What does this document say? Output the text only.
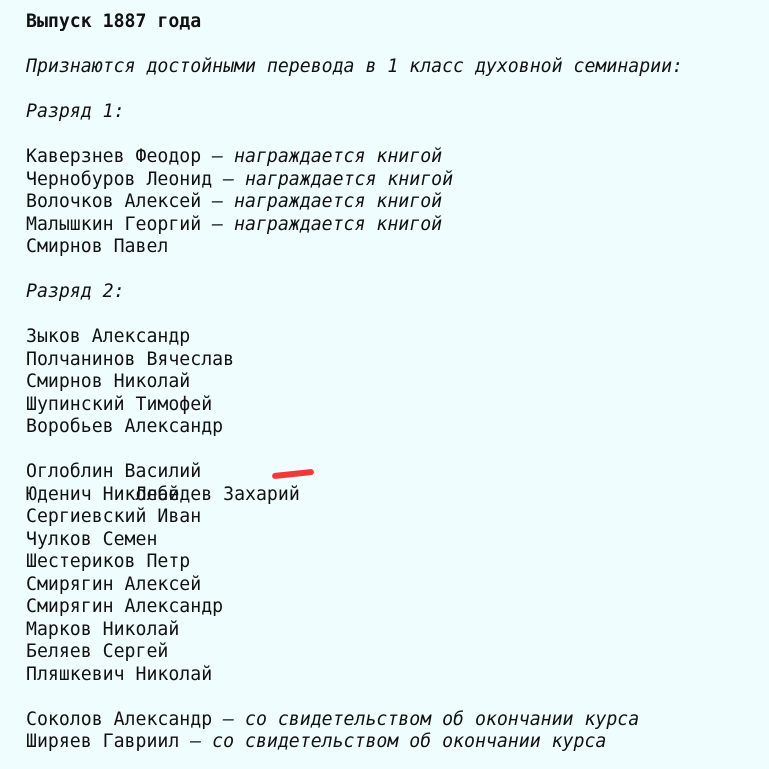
Выпуск 1887 года
Признаются достойными перевода в 1 класс духовной семинарии:
Разряд 1:
Каверзнев Феодор – награждается книгой
Чернобуров Леонид – награждается книгой
Волочков Алексей – награждается книгой
Малышкин Георгий – награждается книгой
Смирнов Павел
Разряд 2:
Зыков Александр
Полчанинов Вячеслав
Смирнов Николай
Шупинский Тимофей
Воробьев Александр

Лебедев Захарий

Оглоблин Василий
Юденич Николай
Сергиевский Иван
Чулков Семен
Шестериков Петр
Смирягин Алексей
Смирягин Александр
Марков Николай
Беляев Сергей
Пляшкевич Николай
Соколов Александр – со свидетельством об окончании курса
Ширяев Гавриил – со свидетельством об окончании курса
